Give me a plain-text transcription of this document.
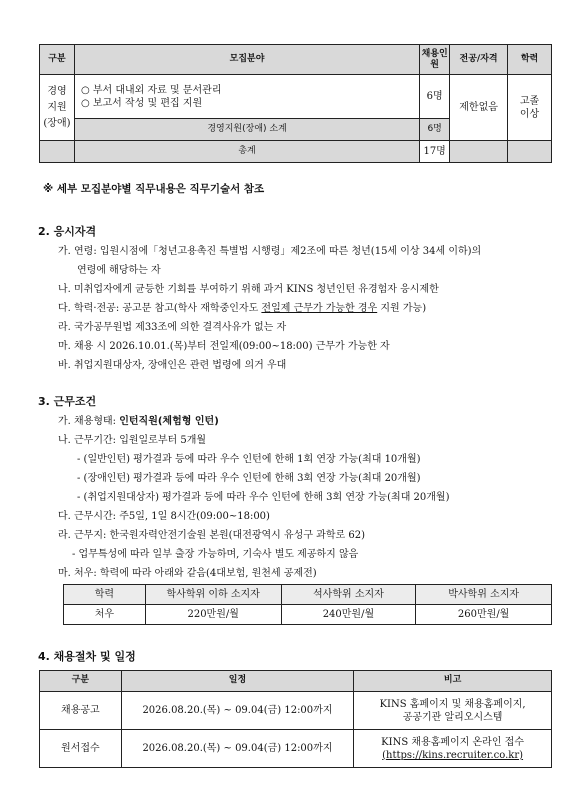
구분	모집분야	채용인원	전공/자격	학력
경영지원(장애)	○ 부서 대내외 자료 및 문서관리
○ 보고서 작성 및 편집 지원	6명	제한없음	고졸이상
	경영지원(장애) 소계	6명		
	총계	17명		
※ 세부 모집분야별 직무내용은 직무기술서 참조
2. 응시자격
가. 연령: 입원시점에「청년고용촉진 특별법 시행령」제2조에 따른 청년(15세 이상 34세 이하)의
연령에 해당하는 자
나. 미취업자에게 균등한 기회를 부여하기 위해 과거 KINS 청년인턴 유경험자 응시제한
다. 학력·전공: 공고문 참고(학사 재학중인자도 전일제 근무가 가능한 경우 지원 가능)
라. 국가공무원법 제33조에 의한 결격사유가 없는 자
마. 채용 시 2026.10.01.(목)부터 전일제(09:00~18:00) 근무가 가능한 자
바. 취업지원대상자, 장애인은 관련 법령에 의거 우대
3. 근무조건
가. 채용형태: 인턴직원(체험형 인턴)
나. 근무기간: 입원일로부터 5개월
- (일반인턴) 평가결과 등에 따라 우수 인턴에 한해 1회 연장 가능(최대 10개월)
- (장애인턴) 평가결과 등에 따라 우수 인턴에 한해 3회 연장 가능(최대 20개월)
- (취업지원대상자) 평가결과 등에 따라 우수 인턴에 한해 3회 연장 가능(최대 20개월)
다. 근무시간: 주5일, 1일 8시간(09:00~18:00)
라. 근무지: 한국원자력안전기술원 본원(대전광역시 유성구 과학로 62)
- 업무특성에 따라 일부 출장 가능하며, 기숙사 별도 제공하지 않음
마. 처우: 학력에 따라 아래와 같음(4대보험, 원천세 공제전)
학력	학사학위 이하 소지자	석사학위 소지자	박사학위 소지자
처우	220만원/월	240만원/월	260만원/월
4. 채용절차 및 일정
구분	일정	비고
채용공고	2026.08.20.(목) ~ 09.04(금) 12:00까지	KINS 홈페이지 및 채용홈페이지,
공공기관 알리오시스템

원서접수	2026.08.20.(목) ~ 09.04(금) 12:00까지	KINS 채용홈페이지 온라인 접수
(https://kins.recruiter.co.kr)
